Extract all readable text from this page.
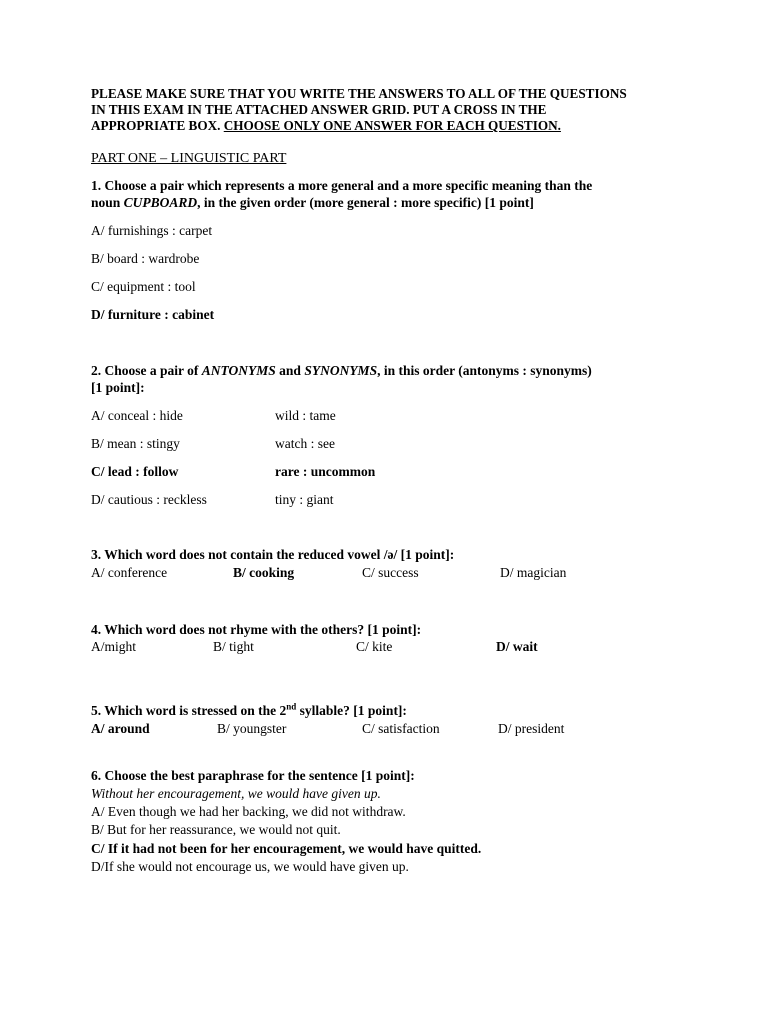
PLEASE MAKE SURE THAT YOU WRITE THE ANSWERS TO ALL OF THE QUESTIONS
IN THIS EXAM IN THE ATTACHED ANSWER GRID. PUT A CROSS IN THE
APPROPRIATE BOX. CHOOSE ONLY ONE ANSWER FOR EACH QUESTION.
PART ONE – LINGUISTIC PART
1. Choose a pair which represents a more general and a more specific meaning than the
noun CUPBOARD, in the given order (more general : more specific) [1 point]
A/ furnishings : carpet
B/ board : wardrobe
C/ equipment : tool
D/ furniture : cabinet
2. Choose a pair of ANTONYMS and SYNONYMS, in this order (antonyms : synonyms)
[1 point]:
A/ conceal : hide	wild : tame
B/ mean : stingy	watch : see
C/ lead : follow	rare : uncommon
D/ cautious : reckless	tiny : giant
3. Which word does not contain the reduced vowel /ə/ [1 point]:
A/ conference	B/ cooking	C/ success	D/ magician
4. Which word does not rhyme with the others? [1 point]:
A/might	B/ tight	C/ kite	D/ wait
5. Which word is stressed on the 2nd syllable? [1 point]:
A/ around	B/ youngster	C/ satisfaction	D/ president
6. Choose the best paraphrase for the sentence [1 point]:
Without her encouragement, we would have given up.
A/ Even though we had her backing, we did not withdraw.
B/ But for her reassurance, we would not quit.
C/ If it had not been for her encouragement, we would have quitted.
D/If she would not encourage us, we would have given up.
